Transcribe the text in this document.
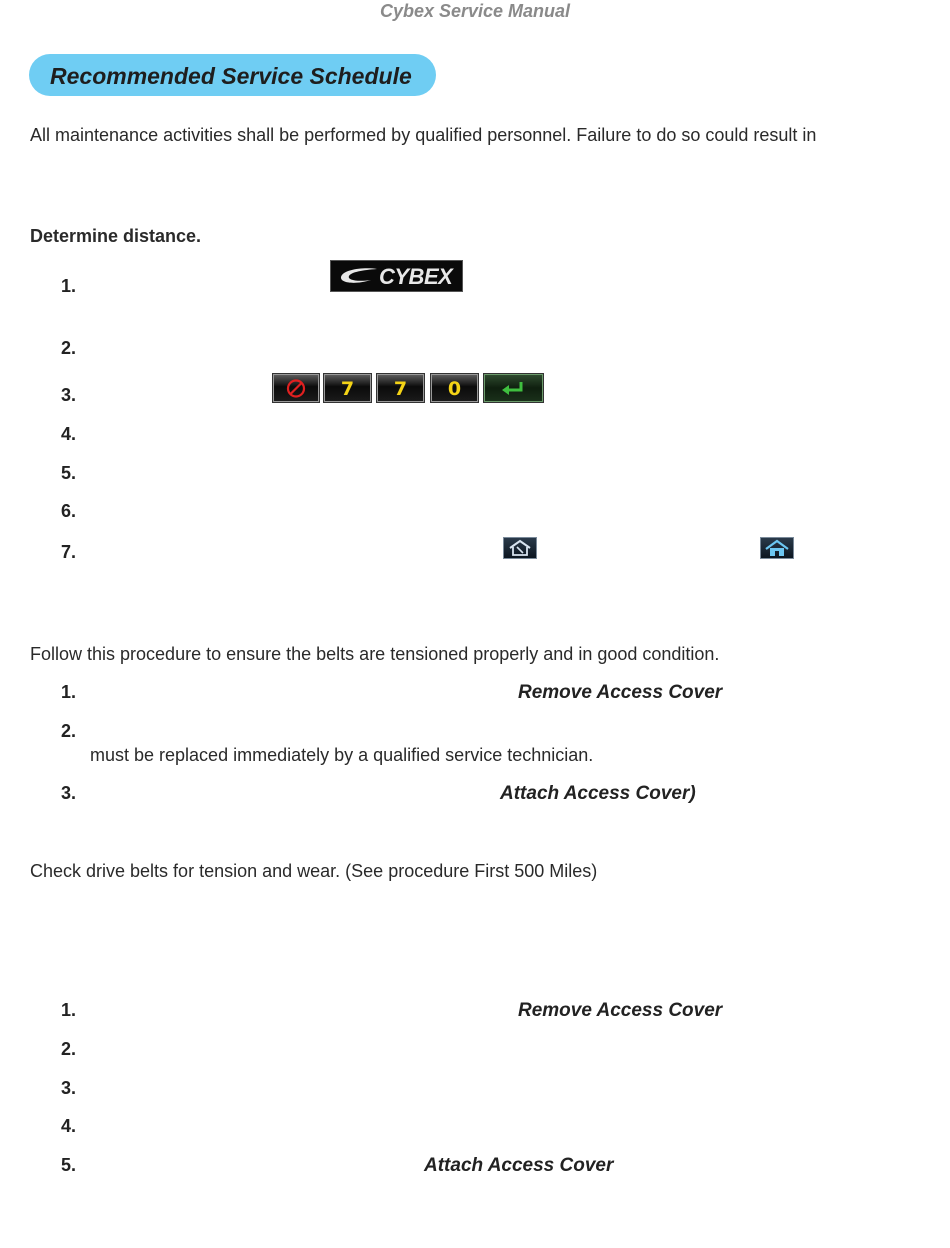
Cybex Service Manual
Recommended Service Schedule
All maintenance activities shall be performed by qualified personnel. Failure to do so could result in
Determine distance.
1.	CYBEX
2.
3.	7	7	0
4.
5.
6.
7.
Follow this procedure to ensure the belts are tensioned properly and in good condition.
1.	Remove Access Cover
2.
must be replaced immediately by a qualified service technician.
3.	Attach Access Cover)
Check drive belts for tension and wear. (See procedure First 500 Miles)
1.	Remove Access Cover
2.
3.
4.
5.	Attach Access Cover
